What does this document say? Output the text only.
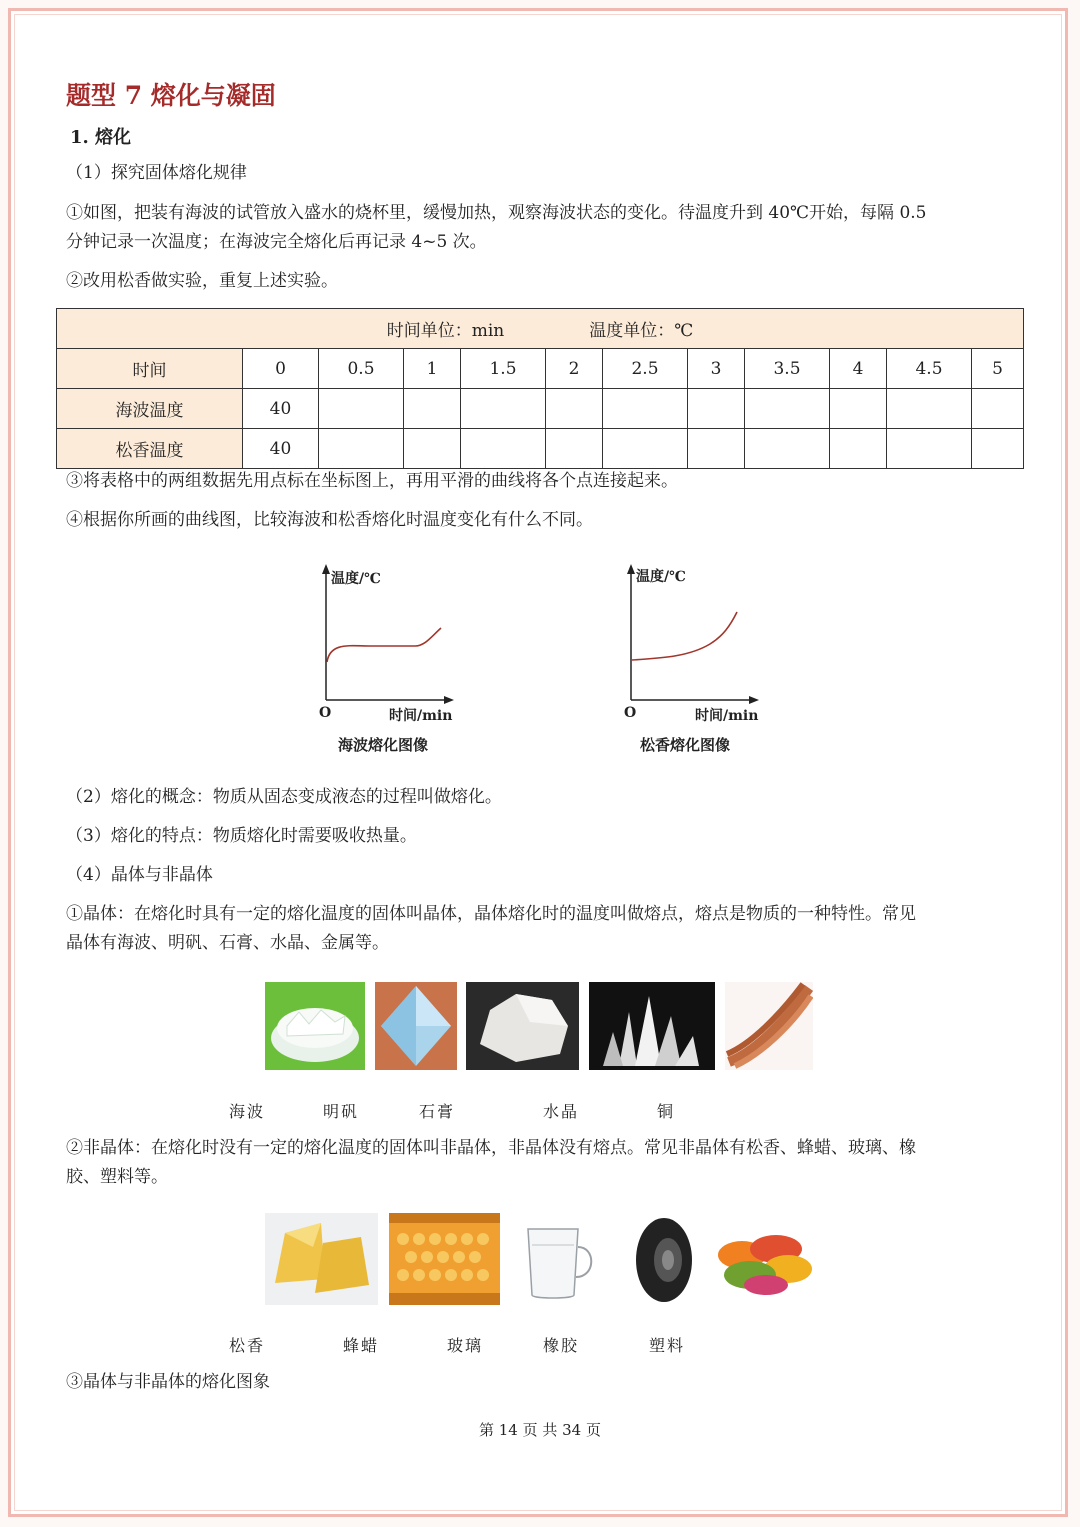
题型 7 熔化与凝固
1. 熔化
（1）探究固体熔化规律
①如图，把装有海波的试管放入盛水的烧杯里，缓慢加热，观察海波状态的变化。待温度升到 40℃开始，每隔 0.5
分钟记录一次温度；在海波完全熔化后再记录 4~5 次。
②改用松香做实验，重复上述实验。
时间单位：min　　　　　温度单位：℃											
时间	0	0.5	1	1.5	2	2.5	3	3.5	4	4.5	5
海波温度	40										
松香温度	40										
③将表格中的两组数据先用点标在坐标图上，再用平滑的曲线将各个点连接起来。
④根据你所画的曲线图，比较海波和松香熔化时温度变化有什么不同。
温度/℃
O	时间/min
海波熔化图像
温度/℃
O	时间/min
松香熔化图像
（2）熔化的概念：物质从固态变成液态的过程叫做熔化。
（3）熔化的特点：物质熔化时需要吸收热量。
（4）晶体与非晶体
①晶体：在熔化时具有一定的熔化温度的固体叫晶体，晶体熔化时的温度叫做熔点，熔点是物质的一种特性。常见
晶体有海波、明矾、石膏、水晶、金属等。
海波	明矾	石膏	水晶	铜
②非晶体：在熔化时没有一定的熔化温度的固体叫非晶体，非晶体没有熔点。常见非晶体有松香、蜂蜡、玻璃、橡
胶、塑料等。
松香	蜂蜡	玻璃	橡胶	塑料
③晶体与非晶体的熔化图象
第 14 页 共 34 页
